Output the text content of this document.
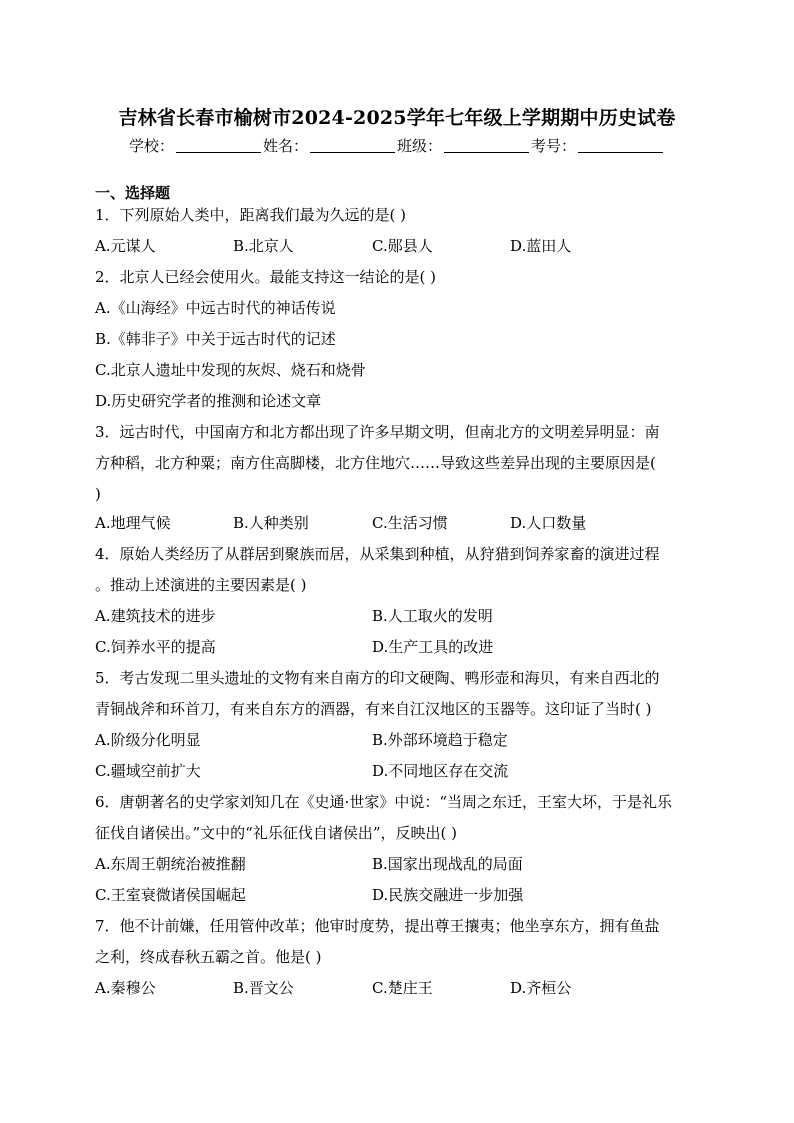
吉林省长春市榆树市2024-2025学年七年级上学期期中历史试卷
学校：	姓名：	班级：	考号：
一、选择题
1．下列原始人类中，距离我们最为久远的是( )
A.元谋人	B.北京人	C.郧县人	D.蓝田人
2．北京人已经会使用火。最能支持这一结论的是( )
A.《山海经》中远古时代的神话传说
B.《韩非子》中关于远古时代的记述
C.北京人遗址中发现的灰烬、烧石和烧骨
D.历史研究学者的推测和论述文章
3．远古时代，中国南方和北方都出现了许多早期文明，但南北方的文明差异明显：南
方种稻，北方种粟；南方住高脚楼，北方住地穴……导致这些差异出现的主要原因是(
)
A.地理气候	B.人种类别	C.生活习惯	D.人口数量
4．原始人类经历了从群居到聚族而居，从采集到种植，从狩猎到饲养家畜的演进过程
。推动上述演进的主要因素是( )
A.建筑技术的进步	B.人工取火的发明
C.饲养水平的提高	D.生产工具的改进
5．考古发现二里头遗址的文物有来自南方的印文硬陶、鸭形壶和海贝，有来自西北的
青铜战斧和环首刀，有来自东方的酒器，有来自江汉地区的玉器等。这印证了当时( )
A.阶级分化明显	B.外部环境趋于稳定
C.疆域空前扩大	D.不同地区存在交流
6．唐朝著名的史学家刘知几在《史通·世家》中说：“当周之东迁，王室大坏，于是礼乐
征伐自诸侯出。”文中的“礼乐征伐自诸侯出”，反映出( )
A.东周王朝统治被推翻	B.国家出现战乱的局面
C.王室衰微诸侯国崛起	D.民族交融进一步加强
7．他不计前嫌，任用管仲改革；他审时度势，提出尊王攘夷；他坐享东方，拥有鱼盐
之利，终成春秋五霸之首。他是( )
A.秦穆公	B.晋文公	C.楚庄王	D.齐桓公
